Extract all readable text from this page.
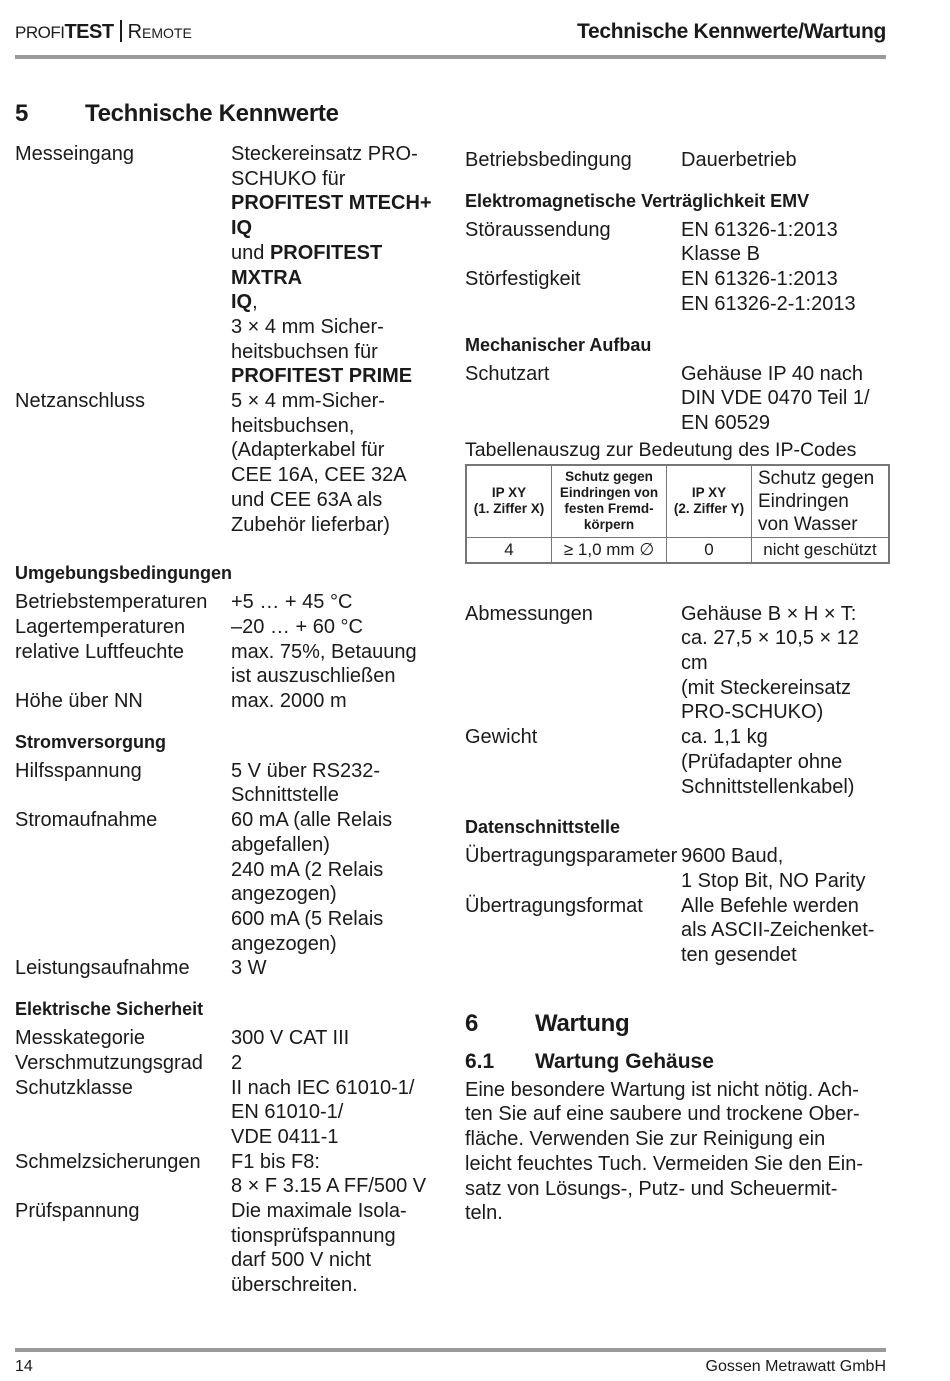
PROFITEST Remote	Technische Kennwerte/Wartung
5 Technische Kennwerte
Messeingang	Steckereinsatz PRO-
SCHUKO für
PROFITEST MTECH+ IQ
und PROFITEST MXTRA
IQ,
3 × 4 mm Sicher-
heitsbuchsen für
PROFITEST PRIME
Netzanschluss	5 × 4 mm-Sicher-
heitsbuchsen,
(Adapterkabel für
CEE 16A, CEE 32A
und CEE 63A als
Zubehör lieferbar)
Umgebungsbedingungen
Betriebstemperaturen	+5 … + 45 °C
Lagertemperaturen	–20 … + 60 °C
relative Luftfeuchte	max. 75%, Betauung
ist auszuschließen
Höhe über NN	max. 2000 m
Stromversorgung
Hilfsspannung	5 V über RS232-
Schnittstelle
Stromaufnahme	60 mA (alle Relais
abgefallen)
240 mA (2 Relais
angezogen)
600 mA (5 Relais
angezogen)
Leistungsaufnahme	3 W
Elektrische Sicherheit
Messkategorie	300 V CAT III
Verschmutzungsgrad	2
Schutzklasse	II nach IEC 61010-1/
EN 61010-1/
VDE 0411-1
Schmelzsicherungen	F1 bis F8:
8 × F 3.15 A FF/500 V
Prüfspannung	Die maximale Isola-
tionsprüfspannung
darf 500 V nicht
überschreiten.
Betriebsbedingung	Dauerbetrieb
Elektromagnetische Verträglichkeit EMV
Störaussendung	EN 61326-1:2013
Klasse B
Störfestigkeit	EN 61326-1:2013
EN 61326-2-1:2013
Mechanischer Aufbau
Schutzart	Gehäuse IP 40 nach
DIN VDE 0470 Teil 1/
EN 60529
Tabellenauszug zur Bedeutung des IP-Codes
IP XY
(1. Ziffer X)	Schutz gegen
Eindringen von
festen Fremd-
körpern	IP XY
(2. Ziffer Y)	Schutz gegen
Eindringen
von Wasser
4	≥ 1,0 mm ∅	0	nicht geschützt
Abmessungen	Gehäuse B × H × T:
ca. 27,5 × 10,5 × 12 cm
(mit Steckereinsatz
PRO-SCHUKO)
Gewicht	ca. 1,1 kg
(Prüfadapter ohne
Schnittstellenkabel)
Datenschnittstelle
Übertragungsparameter 9600 Baud,
1 Stop Bit, NO Parity
Übertragungsformat	Alle Befehle werden
als ASCII-Zeichenket-
ten gesendet
6 Wartung
6.1 Wartung Gehäuse
Eine besondere Wartung ist nicht nötig. Ach-
ten Sie auf eine saubere und trockene Ober-
fläche. Verwenden Sie zur Reinigung ein
leicht feuchtes Tuch. Vermeiden Sie den Ein-
satz von Lösungs-, Putz- und Scheuermit-
teln.
14	Gossen Metrawatt GmbH
